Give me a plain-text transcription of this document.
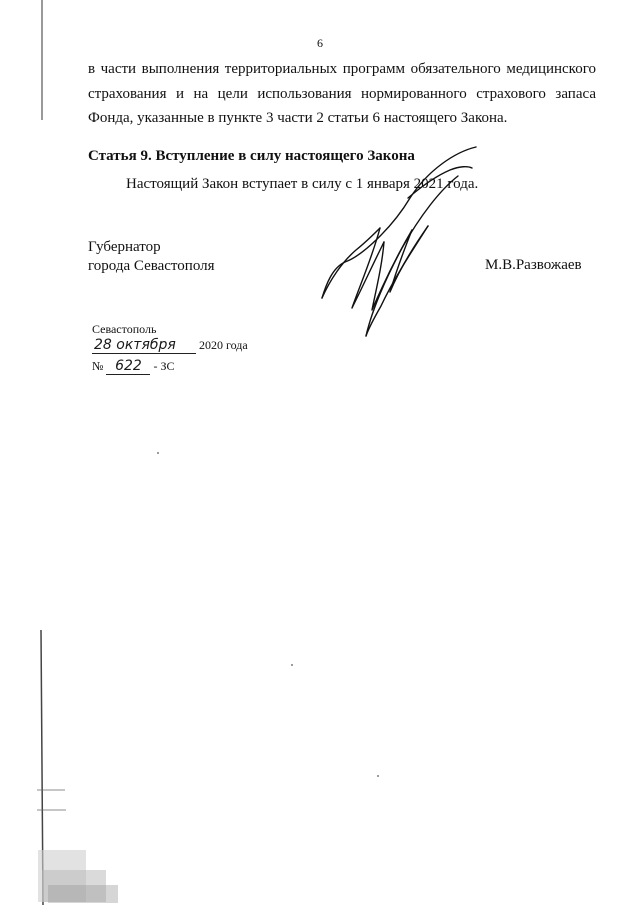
6

в части выполнения территориальных программ обязательного медицинского
страхования и на цели использования нормированного страхового запаса
Фонда, указанные в пункте 3 части 2 статьи 6 настоящего Закона.

Статья 9. Вступление в силу настоящего Закона

Настоящий Закон вступает в силу с 1 января 2021 года.

Губернатор
города Севастополя	М.В.Развожаев

Севастополь

28 октября 2020 года
№ 622 - ЗС
